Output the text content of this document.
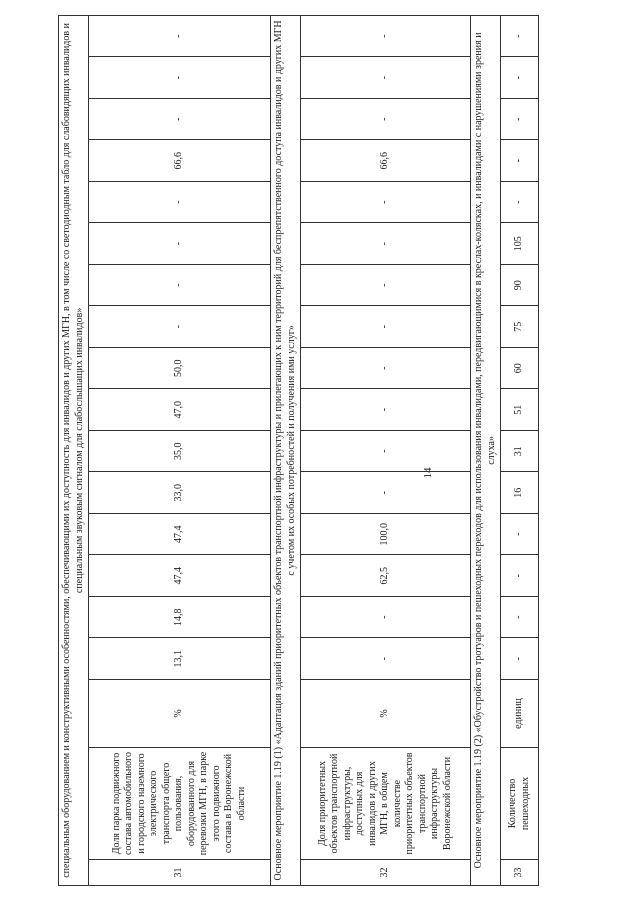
14
специальным оборудованием и конструктивными особенностями, обеспечивающими их доступность для инвалидов и других МГН, в том числе со светодиодным табло для слабовидящих инвалидов и специальным звуковым сигналом для слабослышащих инвалидов»																		
31	Доля парка подвижного состава автомобильного и городского наземного электрического транспорта общего пользования, оборудованного для перевозки МГН, в парке этого подвижного состава в Воронежской области	%	13,1	14,8	47,4	47,4	33,0	35,0	47,0	50,0	-	-	-	-	66,6	-	-	-
Основное мероприятие 1.19 (1) «Адаптация зданий приоритетных объектов транспортной инфраструктуры и прилегающих к ним территорий для беспрепятственного доступа инвалидов и других МГН с учетом их особых потребностей и получения ими услуг»																		
32	Доля приоритетных объектов транспортной инфраструктуры, доступных для инвалидов и других МГН, в общем количестве приоритетных объектов транспортной инфраструктуры Воронежской области	%	-	-	62,5	100,0	-	-	-	-	-	-	-	-	66,6	-	-	-
Основное мероприятие 1.19 (2) «Обустройство тротуаров и пешеходных переходов для использования инвалидами, передвигающимися в креслах-колясках, и инвалидами с нарушениями зрения и слуха»																		
33	Количество пешеходных	единиц	-	-	-	-	16	31	51	60	75	90	105	-	-	-	-	-
